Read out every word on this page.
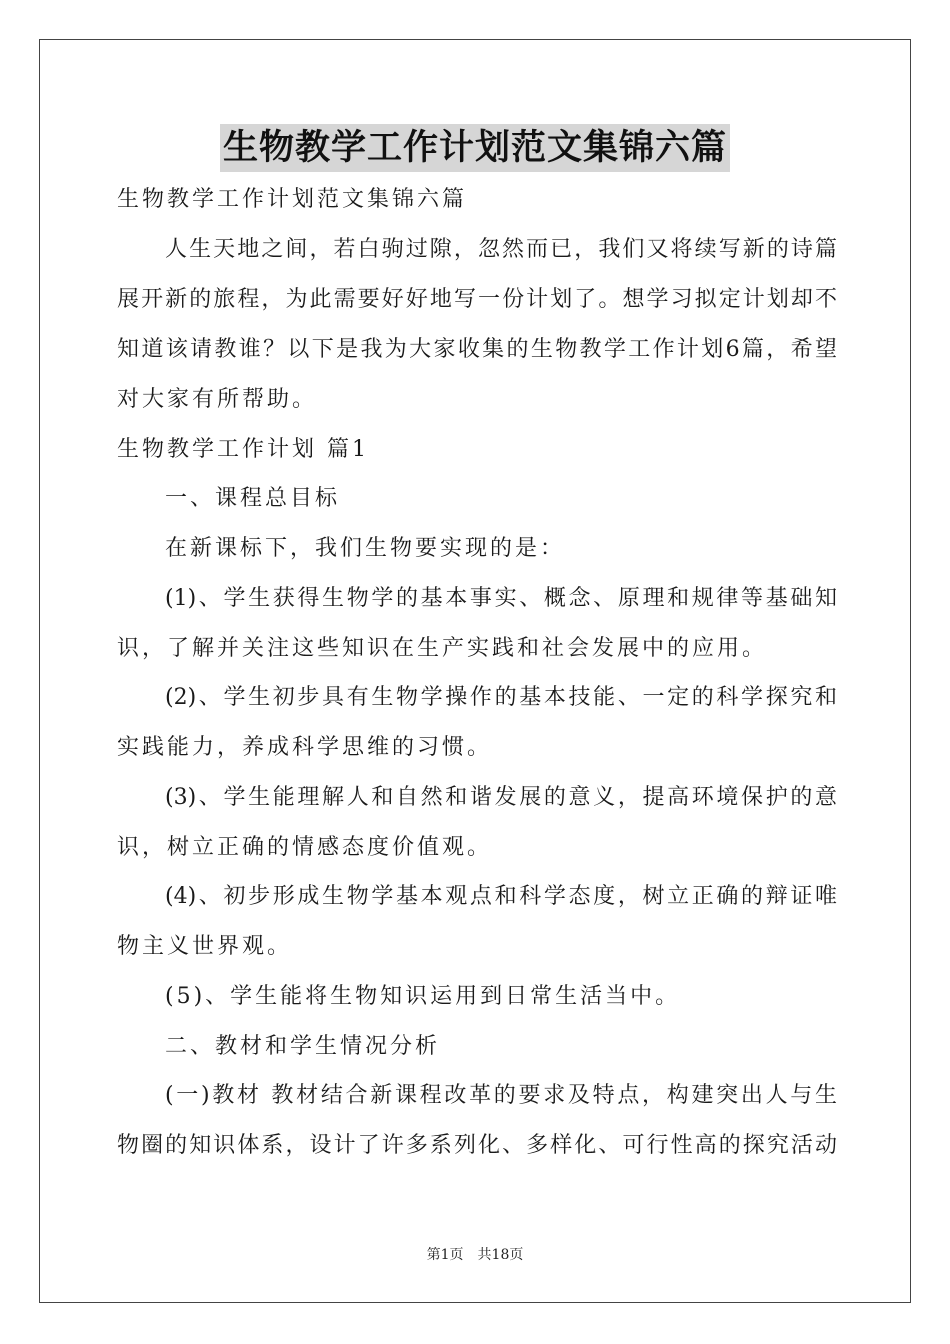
生物教学工作计划范文集锦六篇
生物教学工作计划范文集锦六篇
人生天地之间，若白驹过隙，忽然而已，我们又将续写新的诗篇
展开新的旅程，为此需要好好地写一份计划了。想学习拟定计划却不
知道该请教谁？以下是我为大家收集的生物教学工作计划6篇，希望
对大家有所帮助。
生物教学工作计划 篇1
一、课程总目标
在新课标下，我们生物要实现的是：
(1)、学生获得生物学的基本事实、概念、原理和规律等基础知
识，了解并关注这些知识在生产实践和社会发展中的应用。
(2)、学生初步具有生物学操作的基本技能、一定的科学探究和
实践能力，养成科学思维的习惯。
(3)、学生能理解人和自然和谐发展的意义，提高环境保护的意
识，树立正确的情感态度价值观。
(4)、初步形成生物学基本观点和科学态度，树立正确的辩证唯
物主义世界观。
(5)、学生能将生物知识运用到日常生活当中。
二、教材和学生情况分析
(一)教材 教材结合新课程改革的要求及特点，构建突出人与生
物圈的知识体系，设计了许多系列化、多样化、可行性高的探究活动
第1页　共18页
